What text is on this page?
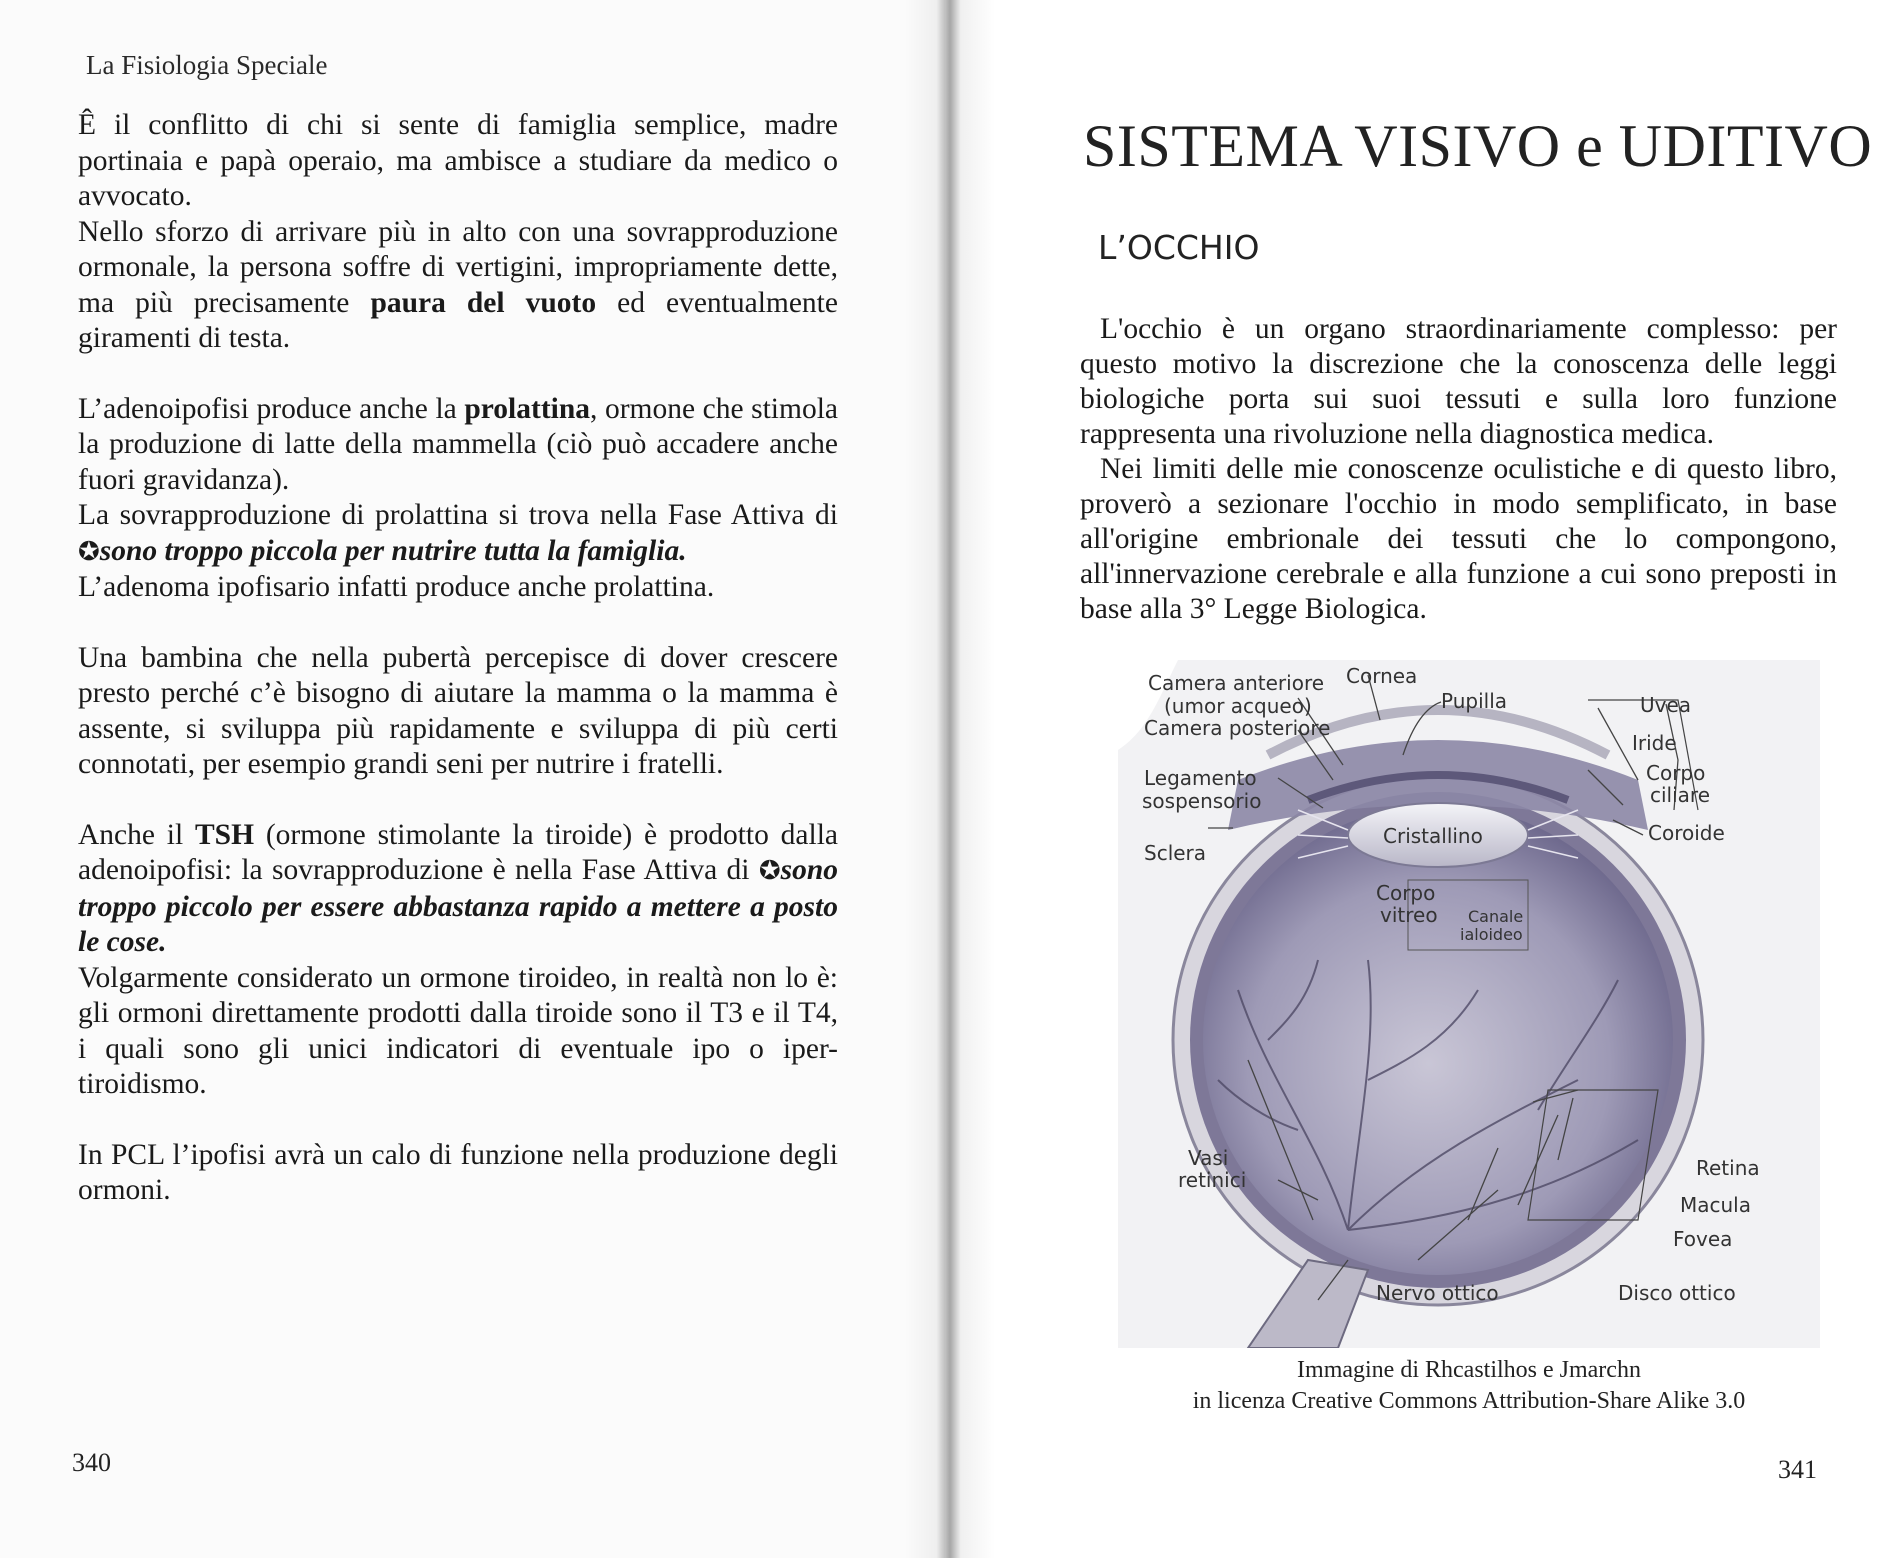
La Fisiologia Speciale

Ê il conflitto di chi si sente di famiglia semplice, madre portinaia e papà operaio, ma ambisce a studiare da medico o avvocato.

Nello sforzo di arrivare più in alto con una sovrapproduzione ormonale, la persona soffre di vertigini, impropriamente dette, ma più precisamente paura del vuoto ed eventualmente giramenti di testa.

L’adenoipofisi produce anche la prolattina, ormone che stimola la produzione di latte della mammella (ciò può accadere anche fuori gravidanza).

La sovrapproduzione di prolattina si trova nella Fase Attiva di ✪sono troppo piccola per nutrire tutta la famiglia.

L’adenoma ipofisario infatti produce anche prolattina.

Una bambina che nella pubertà percepisce di dover crescere presto perché c’è bisogno di aiutare la mamma o la mamma è assente, si sviluppa più rapidamente e sviluppa di più certi connotati, per esempio grandi seni per nutrire i fratelli.

Anche il TSH (ormone stimolante la tiroide) è prodotto dalla adenoipofisi: la sovrapproduzione è nella Fase Attiva di ✪sono troppo piccolo per essere abbastanza rapido a mettere a posto le cose.

Volgarmente considerato un ormone tiroideo, in realtà non lo è: gli ormoni direttamente prodotti dalla tiroide sono il T3 e il T4, i quali sono gli unici indicatori di eventuale ipo o iper-tiroidismo.

In PCL l’ipofisi avrà un calo di funzione nella produzione degli ormoni.

340
SISTEMA VISIVO e UDITIVO
L’OCCHIO

L'occhio è un organo straordinariamente complesso: per questo motivo la discrezione che la conoscenza delle leggi biologiche porta sui suoi tessuti e sulla loro funzione rappresenta una rivoluzione nella diagnostica medica.

Nei limiti delle mie conoscenze oculistiche e di questo libro, proverò a sezionare l'occhio in modo semplificato, in base all'origine embrionale dei tessuti che lo compongono, all'innervazione cerebrale e alla funzione a cui sono preposti in base alla 3° Legge Biologica.

Camera anteriore
(umor acqueo)
Camera posteriore
Cornea
Pupilla	Uvea
Iride
Corpo
ciliare
Coroide
Legamento
sospensorio
Cristallino
Sclera
Corpo
vitreo Canale
ialoideo
Vasi
retinici	Retina
Macula
Fovea
Disco ottico
Nervo ottico
Immagine di Rhcastilhos e Jmarchn
in licenza Creative Commons Attribution-Share Alike 3.0
341
